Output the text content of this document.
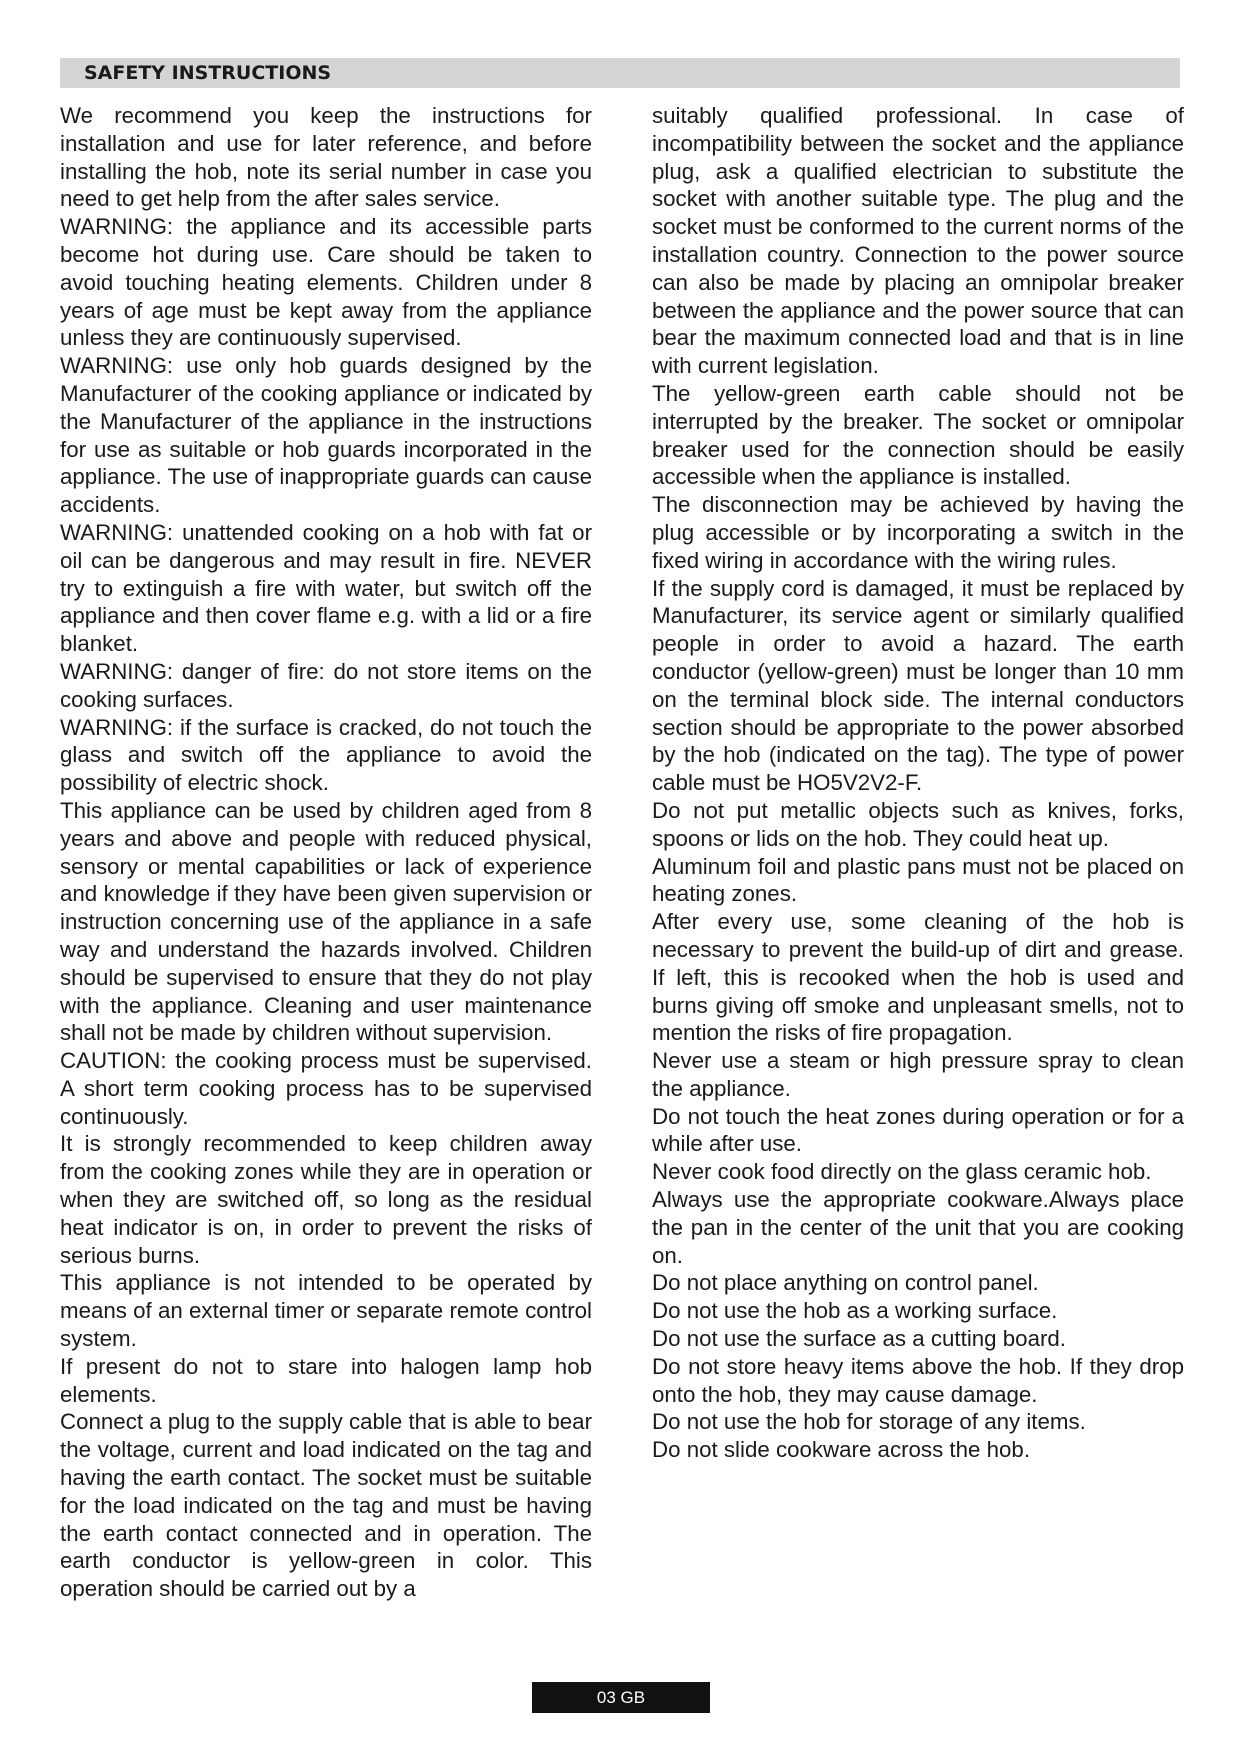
SAFETY INSTRUCTIONS

We recommend you keep the instructions for installation and use for later reference, and before installing the hob, note its serial number in case you need to get help from the after sales service.

WARNING: the appliance and its accessible parts become hot during use. Care should be taken to avoid touching heating elements. Children under 8 years of age must be kept away from the appliance unless they are continuously supervised.

WARNING: use only hob guards designed by the Manufacturer of the cooking appliance or indicated by the Manufacturer of the appliance in the instructions for use as suitable or hob guards incorporated in the appliance. The use of inappropriate guards can cause accidents.

WARNING: unattended cooking on a hob with fat or oil can be dangerous and may result in fire. NEVER try to extinguish a fire with water, but switch off the appliance and then cover flame e.g. with a lid or a fire blanket.

WARNING: danger of fire: do not store items on the cooking surfaces.

WARNING: if the surface is cracked, do not touch the glass and switch off the appliance to avoid the possibility of electric shock.

This appliance can be used by children aged from 8 years and above and people with reduced physical, sensory or mental capabilities or lack of experience and knowledge if they have been given supervision or instruction concerning use of the appliance in a safe way and understand the hazards involved. Children should be supervised to ensure that they do not play with the appliance. Cleaning and user maintenance shall not be made by children without supervision.

CAUTION: the cooking process must be supervised. A short term cooking process has to be supervised continuously.

It is strongly recommended to keep children away from the cooking zones while they are in operation or when they are switched off, so long as the residual heat indicator is on, in order to prevent the risks of serious burns.

This appliance is not intended to be operated by means of an external timer or separate remote control system.

If present do not to stare into halogen lamp hob elements.

Connect a plug to the supply cable that is able to bear the voltage, current and load indicated on the tag and having the earth contact. The socket must be suitable for the load indicated on the tag and must be having the earth contact connected and in operation. The earth conductor is yellow-green in color. This operation should be carried out by a

suitably qualified professional. In case of incompatibility between the socket and the appliance plug, ask a qualified electrician to substitute the socket with another suitable type. The plug and the socket must be conformed to the current norms of the installation country. Connection to the power source can also be made by placing an omnipolar breaker between the appliance and the power source that can bear the maximum connected load and that is in line with current legislation.

The yellow-green earth cable should not be interrupted by the breaker. The socket or omnipolar breaker used for the connection should be easily accessible when the appliance is installed.

The disconnection may be achieved by having the plug accessible or by incorporating a switch in the fixed wiring in accordance with the wiring rules.

If the supply cord is damaged, it must be replaced by Manufacturer, its service agent or similarly qualified people in order to avoid a hazard. The earth conductor (yellow-green) must be longer than 10 mm on the terminal block side. The internal conductors section should be appropriate to the power absorbed by the hob (indicated on the tag). The type of power cable must be HO5V2V2-F.

Do not put metallic objects such as knives, forks, spoons or lids on the hob. They could heat up.

Aluminum foil and plastic pans must not be placed on heating zones.

After every use, some cleaning of the hob is necessary to prevent the build-up of dirt and grease. If left, this is recooked when the hob is used and burns giving off smoke and unpleasant smells, not to mention the risks of fire propagation.

Never use a steam or high pressure spray to clean the appliance.

Do not touch the heat zones during operation or for a while after use.

Never cook food directly on the glass ceramic hob.

Always use the appropriate cookware.Always place the pan in the center of the unit that you are cooking on.

Do not place anything on control panel.

Do not use the hob as a working surface.

Do not use the surface as a cutting board.

Do not store heavy items above the hob. If they drop onto the hob, they may cause damage.

Do not use the hob for storage of any items.

Do not slide cookware across the hob.

03 GB
